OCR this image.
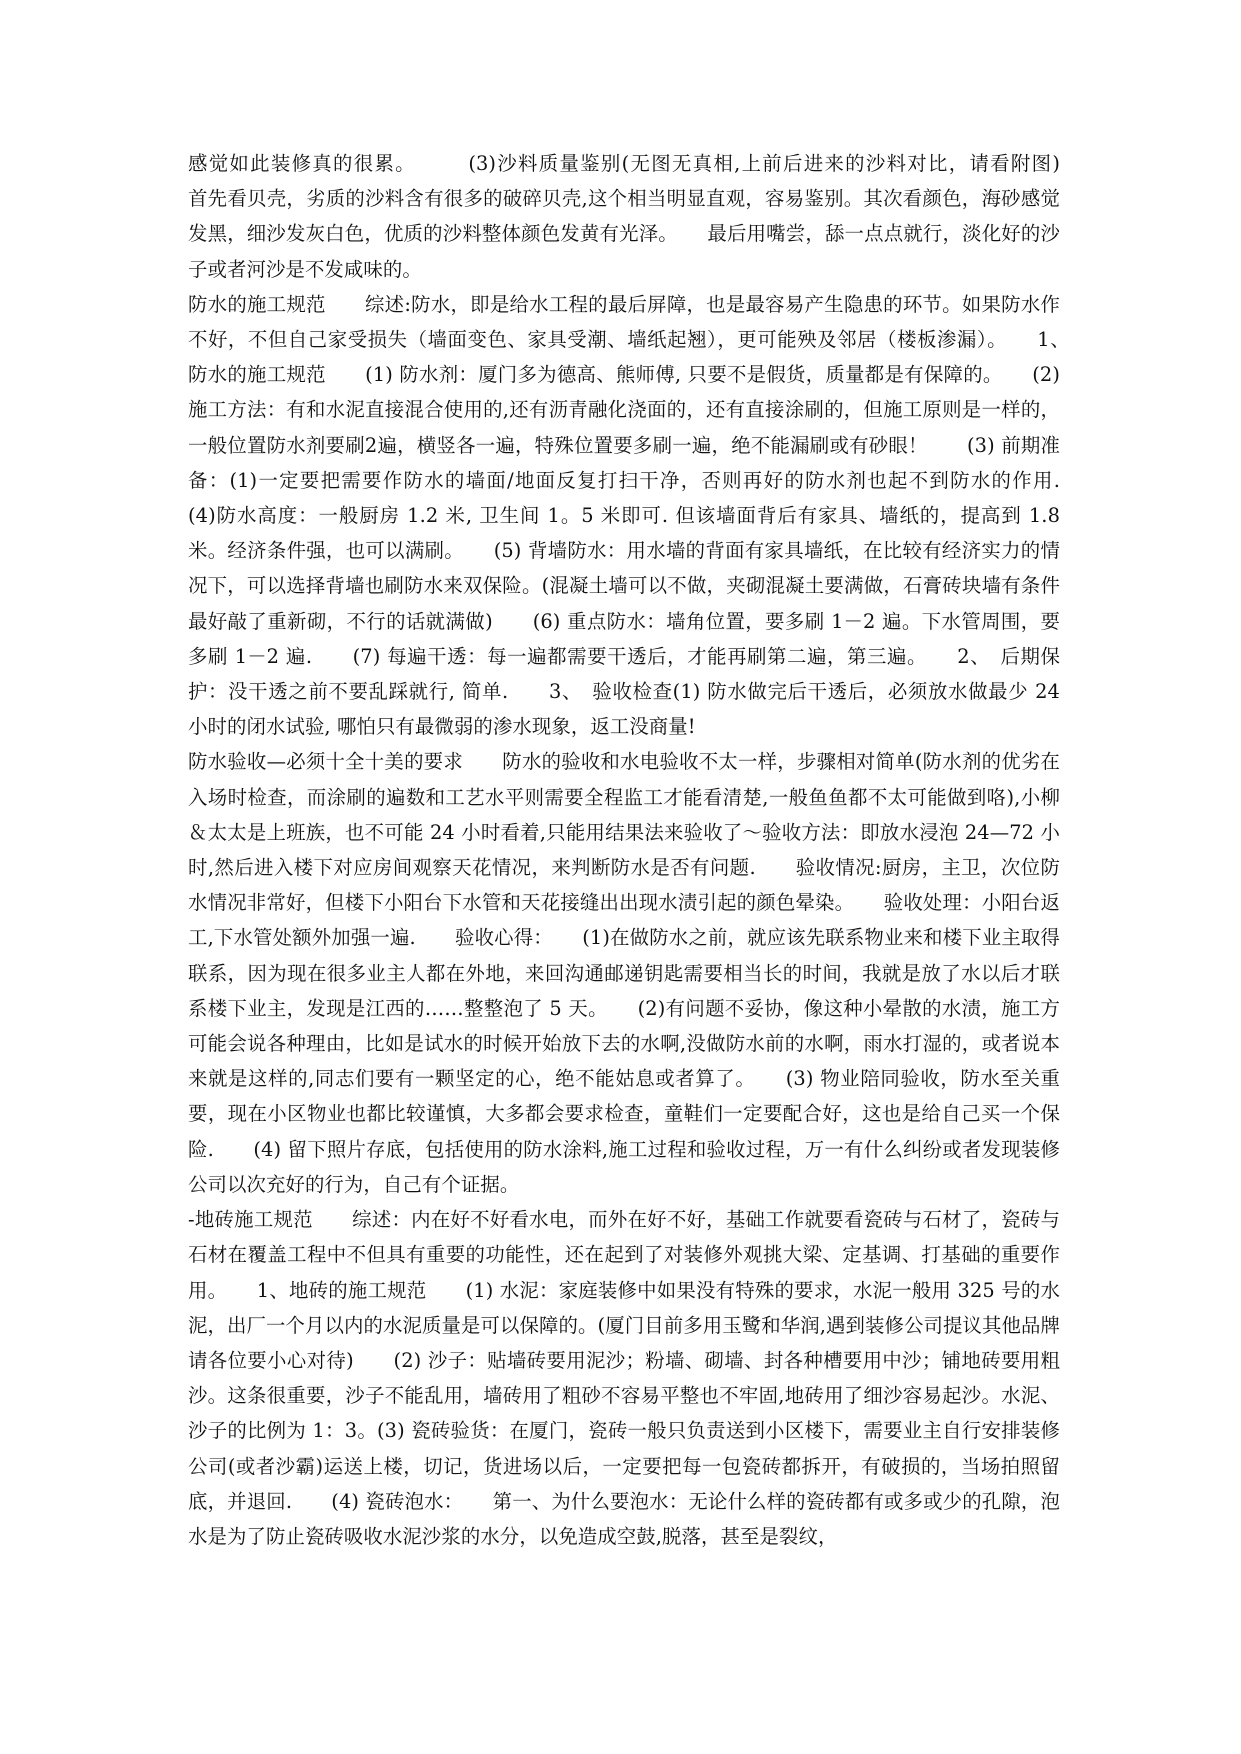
感觉如此装修真的很累。　　　(3)沙料质量鉴别(无图无真相,上前后进来的沙料对比，请看附图)　　首先看贝壳，劣质的沙料含有很多的破碎贝壳,这个相当明显直观，容易鉴别。其次看颜色，海砂感觉发黑，细沙发灰白色，优质的沙料整体颜色发黄有光泽。　　最后用嘴尝，舔一点点就行，淡化好的沙子或者河沙是不发咸味的。

防水的施工规范　　综述:防水，即是给水工程的最后屏障，也是最容易产生隐患的环节。如果防水作不好，不但自己家受损失（墙面变色、家具受潮、墙纸起翘），更可能殃及邻居（楼板渗漏）。　　1、　防水的施工规范　　(1) 防水剂：厦门多为德高、熊师傅, 只要不是假货，质量都是有保障的。　　(2)施工方法：有和水泥直接混合使用的,还有沥青融化浇面的，还有直接涂刷的，但施工原则是一样的，一般位置防水剂要刷2遍，横竖各一遍，特殊位置要多刷一遍，绝不能漏刷或有砂眼！　　(3) 前期准备：(1)一定要把需要作防水的墙面/地面反复打扫干净，否则再好的防水剂也起不到防水的作用.　　(4)防水高度：一般厨房 1.2 米, 卫生间 1。5 米即可. 但该墙面背后有家具、墙纸的，提高到 1.8 米。经济条件强，也可以满刷。　　(5) 背墙防水：用水墙的背面有家具墙纸，在比较有经济实力的情况下，可以选择背墙也刷防水来双保险。(混凝土墙可以不做，夹砌混凝土要满做，石膏砖块墙有条件最好敲了重新砌，不行的话就满做)　　(6) 重点防水：墙角位置，要多刷 1－2 遍。下水管周围，要多刷 1－2 遍.　　(7) 每遍干透：每一遍都需要干透后，才能再刷第二遍，第三遍。　　2、　后期保护：没干透之前不要乱踩就行, 简单.　　3、　验收检查(1) 防水做完后干透后，必须放水做最少 24 小时的闭水试验, 哪怕只有最微弱的渗水现象，返工没商量!

防水验收—必须十全十美的要求　　防水的验收和水电验收不太一样，步骤相对简单(防水剂的优劣在入场时检查，而涂刷的遍数和工艺水平则需要全程监工才能看清楚,一般鱼鱼都不太可能做到咯),小柳＆太太是上班族，也不可能 24 小时看着,只能用结果法来验收了～验收方法：即放水浸泡 24—72 小时,然后进入楼下对应房间观察天花情况，来判断防水是否有问题.　　验收情况:厨房，主卫，次位防水情况非常好，但楼下小阳台下水管和天花接缝出出现水渍引起的颜色晕染。　　验收处理：小阳台返工,下水管处额外加强一遍.　　验收心得：　　(1)在做防水之前，就应该先联系物业来和楼下业主取得联系，因为现在很多业主人都在外地，来回沟通邮递钥匙需要相当长的时间，我就是放了水以后才联系楼下业主，发现是江西的……整整泡了 5 天。　　(2)有问题不妥协，像这种小晕散的水渍，施工方可能会说各种理由，比如是试水的时候开始放下去的水啊,没做防水前的水啊，雨水打湿的，或者说本来就是这样的,同志们要有一颗坚定的心，绝不能姑息或者算了。　　(3) 物业陪同验收，防水至关重要，现在小区物业也都比较谨慎，大多都会要求检查，童鞋们一定要配合好，这也是给自己买一个保险.　　(4) 留下照片存底，包括使用的防水涂料,施工过程和验收过程，万一有什么纠纷或者发现装修公司以次充好的行为，自己有个证据。

-地砖施工规范　　综述：内在好不好看水电，而外在好不好，基础工作就要看瓷砖与石材了，瓷砖与石材在覆盖工程中不但具有重要的功能性，还在起到了对装修外观挑大梁、定基调、打基础的重要作用。　　1、地砖的施工规范　　(1) 水泥：家庭装修中如果没有特殊的要求，水泥一般用 325 号的水泥，出厂一个月以内的水泥质量是可以保障的。(厦门目前多用玉鹭和华润,遇到装修公司提议其他品牌请各位要小心对待)　　(2) 沙子：贴墙砖要用泥沙；粉墙、砌墙、封各种槽要用中沙；铺地砖要用粗沙。这条很重要，沙子不能乱用，墙砖用了粗砂不容易平整也不牢固,地砖用了细沙容易起沙。水泥、沙子的比例为 1：3。(3) 瓷砖验货：在厦门，瓷砖一般只负责送到小区楼下，需要业主自行安排装修公司(或者沙霸)运送上楼，切记，货进场以后，一定要把每一包瓷砖都拆开，有破损的，当场拍照留底，并退回.　　(4) 瓷砖泡水：　　第一、为什么要泡水：无论什么样的瓷砖都有或多或少的孔隙，泡水是为了防止瓷砖吸收水泥沙浆的水分，以免造成空鼓,脱落，甚至是裂纹，
